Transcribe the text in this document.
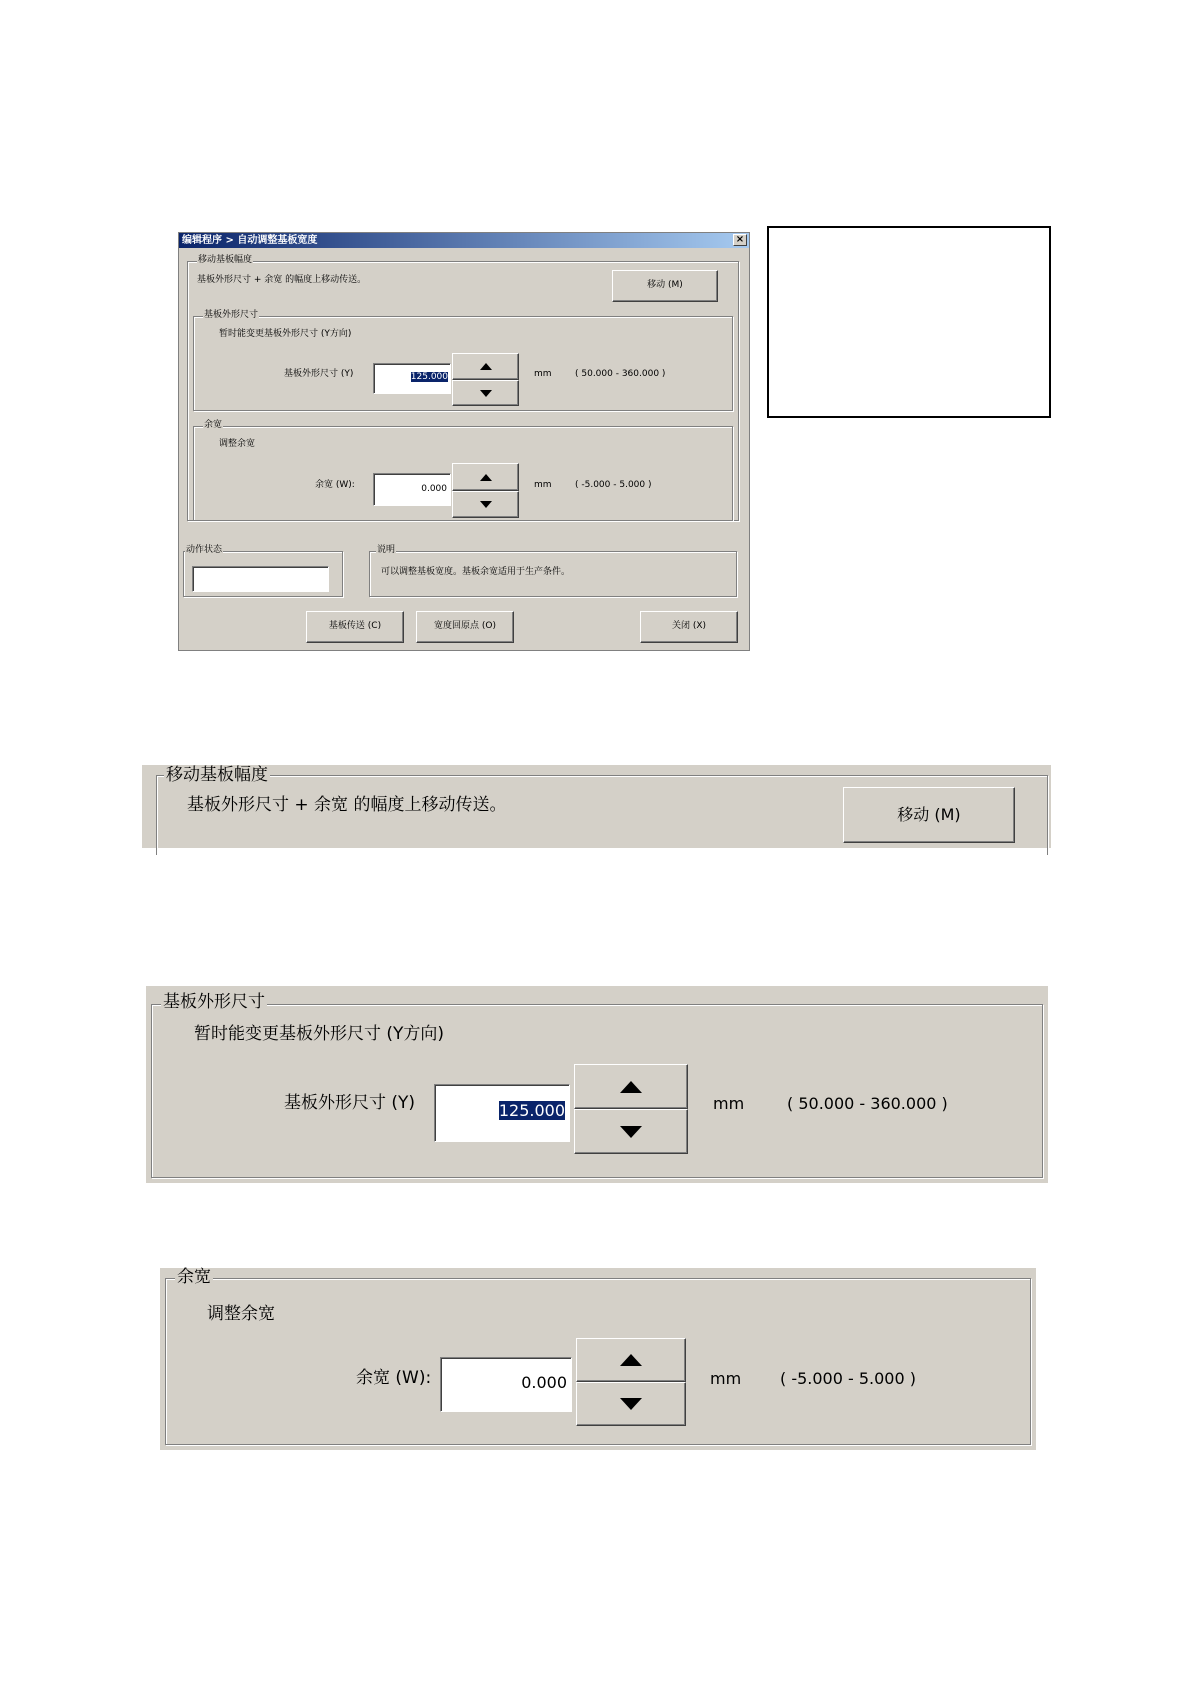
编辑程序 > 自动调整基板宽度	×
移动基板幅度
基板外形尺寸 + 余宽 的幅度上移动传送。	移动 (M)
基板外形尺寸
暂时能变更基板外形尺寸 (Y方向)
基板外形尺寸 (Y)	125.000	mm	( 50.000 - 360.000 )
余宽
调整余宽
余宽 (W):	0.000	mm	( -5.000 - 5.000 )
动作状态	说明
可以调整基板宽度。基板余宽适用于生产条件。
基板传送 (C)	宽度回原点 (O)	关闭 (X)
移动基板幅度
基板外形尺寸 + 余宽 的幅度上移动传送。	移动 (M)
基板外形尺寸
暂时能变更基板外形尺寸 (Y方向)
基板外形尺寸 (Y)	125.000	mm	( 50.000 - 360.000 )
余宽
调整余宽
余宽 (W):	0.000	mm ( -5.000 - 5.000 )
